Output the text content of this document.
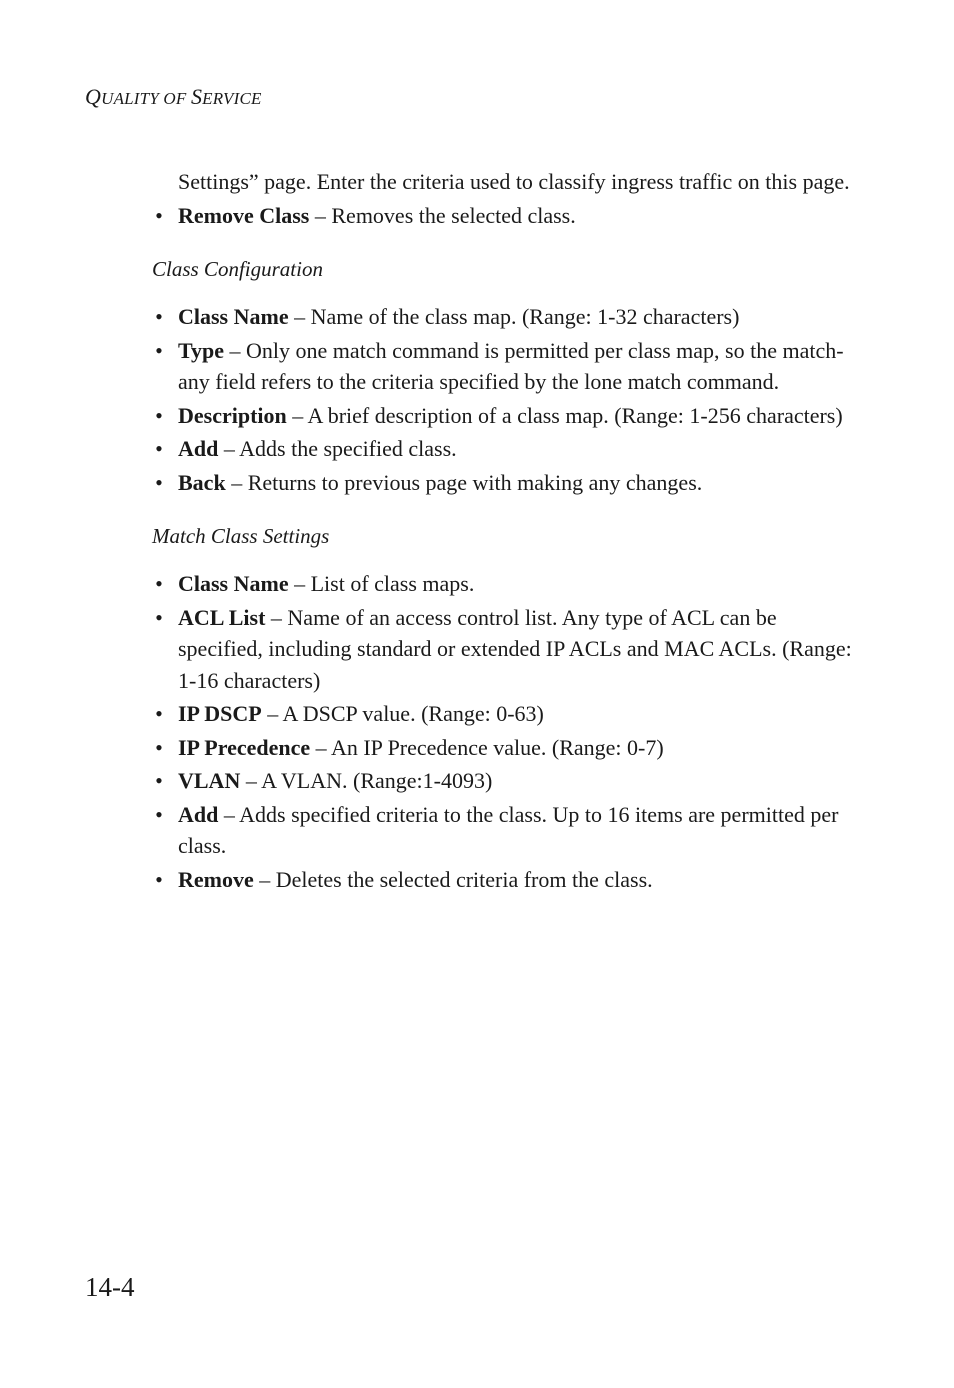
QUALITY OF SERVICE

Settings” page. Enter the criteria used to classify ingress traffic on this page.

• Remove Class – Removes the selected class.
Class Configuration
• Class Name – Name of the class map. (Range: 1-32 characters)
• Type – Only one match command is permitted per class map, so the match-any field refers to the criteria specified by the lone match command.
• Description – A brief description of a class map. (Range: 1-256 characters)
• Add – Adds the specified class.
• Back – Returns to previous page with making any changes.
Match Class Settings
• Class Name – List of class maps.
• ACL List – Name of an access control list. Any type of ACL can be specified, including standard or extended IP ACLs and MAC ACLs. (Range: 1-16 characters)
• IP DSCP – A DSCP value. (Range: 0-63)
• IP Precedence – An IP Precedence value. (Range: 0-7)
• VLAN – A VLAN. (Range:1-4093)
• Add – Adds specified criteria to the class. Up to 16 items are permitted per class.
• Remove – Deletes the selected criteria from the class.
14-4
